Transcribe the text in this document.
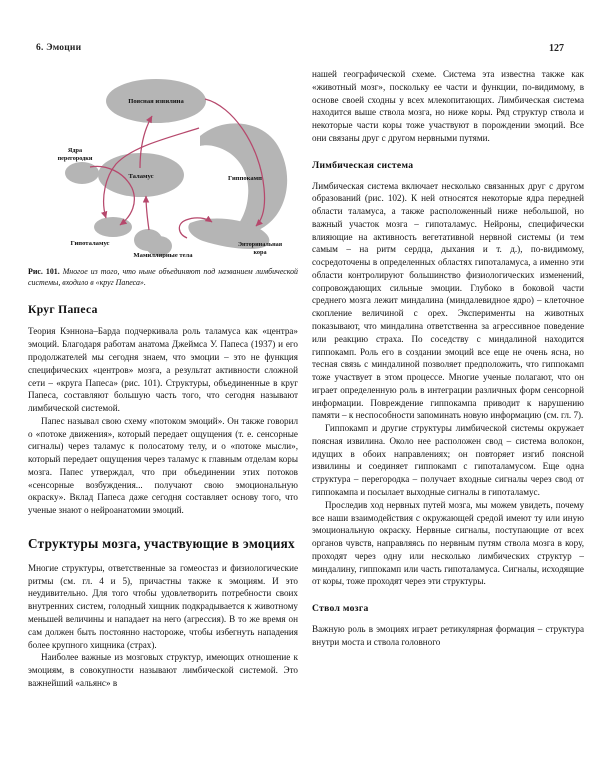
6. Эмоции	127
Поясная извилина
Ядра
перегородки
Таламус	Гиппокамп
Гипоталамус
Мамиллярные тела
Энторинальная
кора
Рис. 101. Многое из того, что ныне объединяют под названием лимбической системы, входило в «круг Папеса».
Круг Папеса

Теория Кэннона–Барда подчеркивала роль таламуса как «центра» эмоций. Благодаря работам анатома Джеймса У. Папеса (1937) и его продолжателей мы сегодня знаем, что эмоции – это не функция специфических «центров» мозга, а результат активности сложной сети – «круга Папеса» (рис. 101). Структуры, объединенные в круг Папеса, составляют большую часть того, что сегодня называют лимбической системой.

Папес называл свою схему «потоком эмоций». Он также говорил о «потоке движения», который передает ощущения (т. е. сенсорные сигналы) через таламус к полосатому телу, и о «потоке мысли», который передает ощущения через таламус к главным отделам коры мозга. Папес утверждал, что при объединении этих потоков «сенсорные возбуждения... получают свою эмоциональную окраску». Вклад Папеса даже сегодня составляет основу того, что ученые знают о нейроанатомии эмоций.

Структуры мозга, участвующие в эмоциях

Многие структуры, ответственные за гомеостаз и физиологические ритмы (см. гл. 4 и 5), причастны также к эмоциям. И это неудивительно. Для того чтобы удовлетворить потребности своих внутренних систем, голодный хищник подкрадывается к животному меньшей величины и нападает на него (агрессия). В то же время он сам должен быть постоянно настороже, чтобы избегнуть нападения более крупного хищника (страх).

Наиболее важные из мозговых структур, имеющих отношение к эмоциям, в совокупности называют лимбической системой. Это важнейший «альянс» в

нашей географической схеме. Система эта известна также как «животный мозг», поскольку ее части и функции, по-видимому, в основе своей сходны у всех млекопитающих. Лимбическая система находится выше ствола мозга, но ниже коры. Ряд структур ствола и некоторые части коры тоже участвуют в порождении эмоций. Все они связаны друг с другом нервными путями.

Лимбическая система

Лимбическая система включает несколько связанных друг с другом образований (рис. 102). К ней относятся некоторые ядра передней области таламуса, а также расположенный ниже небольшой, но важный участок мозга – гипоталамус. Нейроны, специфически влияющие на активность вегетативной нервной системы (и тем самым – на ритм сердца, дыхания и т. д.), по-видимому, сосредоточены в определенных областях гипоталамуса, а именно эти области контролируют большинство физиологических изменений, сопровождающих сильные эмоции. Глубоко в боковой части среднего мозга лежит миндалина (миндалевидное ядро) – клеточное скопление величиной с орех. Эксперименты на животных показывают, что миндалина ответственна за агрессивное поведение или реакцию страха. По соседству с миндалиной находится гиппокамп. Роль его в создании эмоций все еще не очень ясна, но тесная связь с миндалиной позволяет предположить, что гиппокамп тоже участвует в этом процессе. Многие ученые полагают, что он играет определенную роль в интеграции различных форм сенсорной информации. Повреждение гиппокампа приводит к нарушению памяти – к неспособности запоминать новую информацию (см. гл. 7).

Гиппокамп и другие структуры лимбической системы окружает поясная извилина. Около нее расположен свод – система волокон, идущих в обоих направлениях; он повторяет изгиб поясной извилины и соединяет гиппокамп с гипоталамусом. Еще одна структура – перегородка – получает входные сигналы через свод от гиппокампа и посылает выходные сигналы в гипоталамус.

Проследив ход нервных путей мозга, мы можем увидеть, почему все наши взаимодействия с окружающей средой имеют ту или иную эмоциональную окраску. Нервные сигналы, поступающие от всех органов чувств, направляясь по нервным путям ствола мозга в кору, проходят через одну или несколько лимбических структур – миндалину, гиппокамп или часть гипоталамуса. Сигналы, исходящие от коры, тоже проходят через эти структуры.

Ствол мозга

Важную роль в эмоциях играет ретикулярная формация – структура внутри моста и ствола головного
